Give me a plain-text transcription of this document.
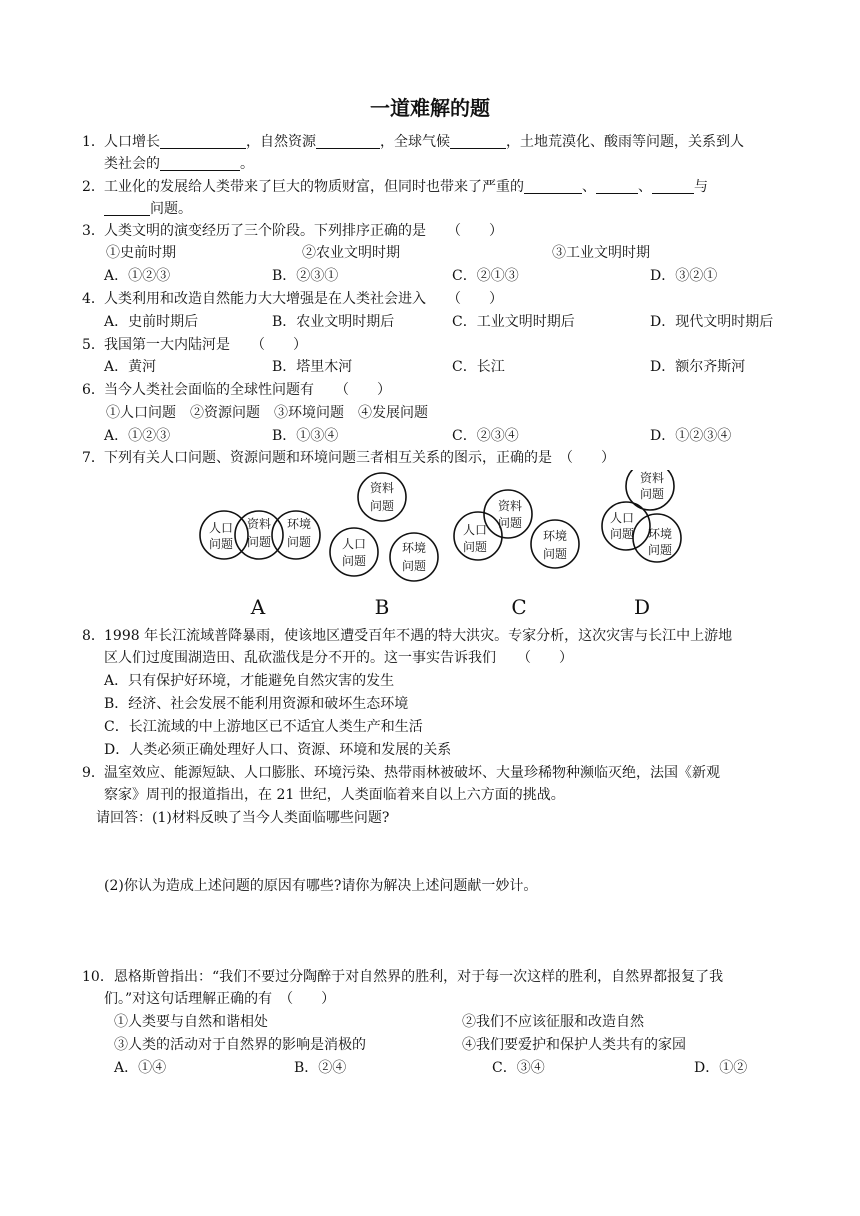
一道难解的题
1． 人口增长	，自然资源	，全球气候	，土地荒漠化、酸雨等问题，关系到人
类社会的	。
2． 工业化的发展给人类带来了巨大的物质财富，但同时也带来了严重的	、	、	与
问题。
3． 人类文明的演变经历了三个阶段。下列排序正确的是　　（　　）
①史前时期	②农业文明时期	③工业文明时期
A．①②③	B．②③①	C．②①③	D．③②①
4． 人类利用和改造自然能力大大增强是在人类社会进入　　（　　）
A．史前时期后	B．农业文明时期后	C．工业文明时期后	D．现代文明时期后
5． 我国第一大内陆河是　　（　　）
A．黄河	B．塔里木河	C．长江	D．额尔齐斯河
6． 当今人类社会面临的全球性问题有　　（　　）
①人口问题　②资源问题　③环境问题　④发展问题
A．①②③	B．①③④	C．②③④	D．①②③④
7． 下列有关人口问题、资源问题和环境问题三者相互关系的图示，正确的是　（　　）
人口
问题
资料
问题
环境
问题
资料
问题
人口
问题
环境
问题
人口
问题
资料
问题
环境
问题
资料
问题
人口
问题 环境
问题
A	B	C	D
8． 1998 年长江流域普降暴雨，使该地区遭受百年不遇的特大洪灾。专家分析，这次灾害与长江中上游地
区人们过度围湖造田、乱砍滥伐是分不开的。这一事实告诉我们　　（　　）
A．只有保护好环境，才能避免自然灾害的发生
B．经济、社会发展不能利用资源和破坏生态环境
C．长江流域的中上游地区已不适宜人类生产和生活
D．人类必须正确处理好人口、资源、环境和发展的关系
9． 温室效应、能源短缺、人口膨胀、环境污染、热带雨林被破坏、大量珍稀物种濒临灭绝，法国《新观
察家》周刊的报道指出，在 21 世纪，人类面临着来自以上六方面的挑战。
请回答：(1)材料反映了当今人类面临哪些问题?
(2)你认为造成上述问题的原因有哪些?请你为解决上述问题献一妙计。
10． 恩格斯曾指出：“我们不要过分陶醉于对自然界的胜利，对于每一次这样的胜利，自然界都报复了我
们。”对这句话理解正确的有　（　　）
①人类要与自然和谐相处	②我们不应该征服和改造自然
③人类的活动对于自然界的影响是消极的	④我们要爱护和保护人类共有的家园
A．①④	B．②④	C．③④	D．①②
